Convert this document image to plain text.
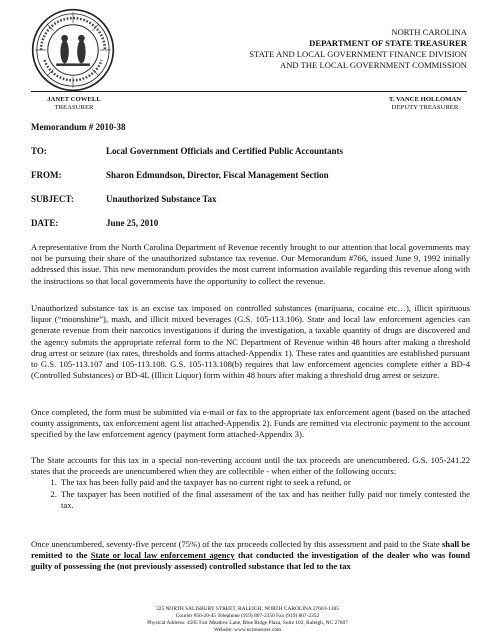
NORTH CAROLINA
DEPARTMENT OF STATE TREASURER
STATE AND LOCAL GOVERNMENT FINANCE DIVISION
AND THE LOCAL GOVERNMENT COMMISSION
JANET COWELL
TREASURER
T. VANCE HOLLOMAN
DEPUTY TREASURER
Memorandum # 2010-38
TO:	Local Government Officials and Certified Public Accountants
FROM:	Sharon Edmundson, Director, Fiscal Management Section
SUBJECT:	Unauthorized Substance Tax
DATE:	June 25, 2010

A representative from the North Carolina Department of Revenue recently brought to our attention that local governments may not be pursuing their share of the unauthorized substance tax revenue. Our Memorandum #766, issued June 9, 1992 initially addressed this issue. This new memorandum provides the most current information available regarding this revenue along with the instructions so that local governments have the opportunity to collect the revenue.

Unauthorized substance tax is an excise tax imposed on controlled substances (marijuana, cocaine etc…), illicit spirituous liquor (“moonshine”), mash, and illicit mixed beverages (G.S. 105-113.106). State and local law enforcement agencies can generate revenue from their narcotics investigations if during the investigation, a taxable quantity of drugs are discovered and the agency submits the appropriate referral form to the NC Department of Revenue within 48 hours after making a threshold drug arrest or seizure (tax rates, thresholds and forms attached-Appendix 1). These rates and quantities are established pursuant to G.S. 105-113.107 and 105-113.108. G.S. 105-113.108(b) requires that law enforcement agencies complete either a BD-4 (Controlled Substances) or BD-4L (Illicit Liquor) form within 48 hours after making a threshold drug arrest or seizure.

Once completed, the form must be submitted via e-mail or fax to the appropriate tax enforcement agent (based on the attached county assignments, tax enforcement agent list attached-Appendix 2). Funds are remitted via electronic payment to the account specified by the law enforcement agency (payment form attached-Appendix 3).

The State accounts for this tax in a special non-reverting account until the tax proceeds are unencumbered. G.S. 105-241.22 states that the proceeds are unencumbered when they are collectible - when either of the following occurs:

1. The tax has been fully paid and the taxpayer has no current right to seek a refund, or
2. The taxpayer has been notified of the final assessment of the tax and has neither fully paid nor timely contested the tax.

Once unencumbered, seventy-five percent (75%) of the tax proceeds collected by this assessment and paid to the State shall be remitted to the State or local law enforcement agency that conducted the investigation of the dealer who was found guilty of possessing the (not previously assessed) controlled substance that led to the tax

325 NORTH SALISBURY STREET, RALEIGH, NORTH CAROLINA 27603-1385
Courier #56-20-45 Telephone (919) 807-2350 Fax (919) 807-2352
Physical Address: 4505 Fair Meadow Lane, Blue Ridge Plaza, Suite 102, Raleigh, NC 27607
Website: www.nctreasurer.com
